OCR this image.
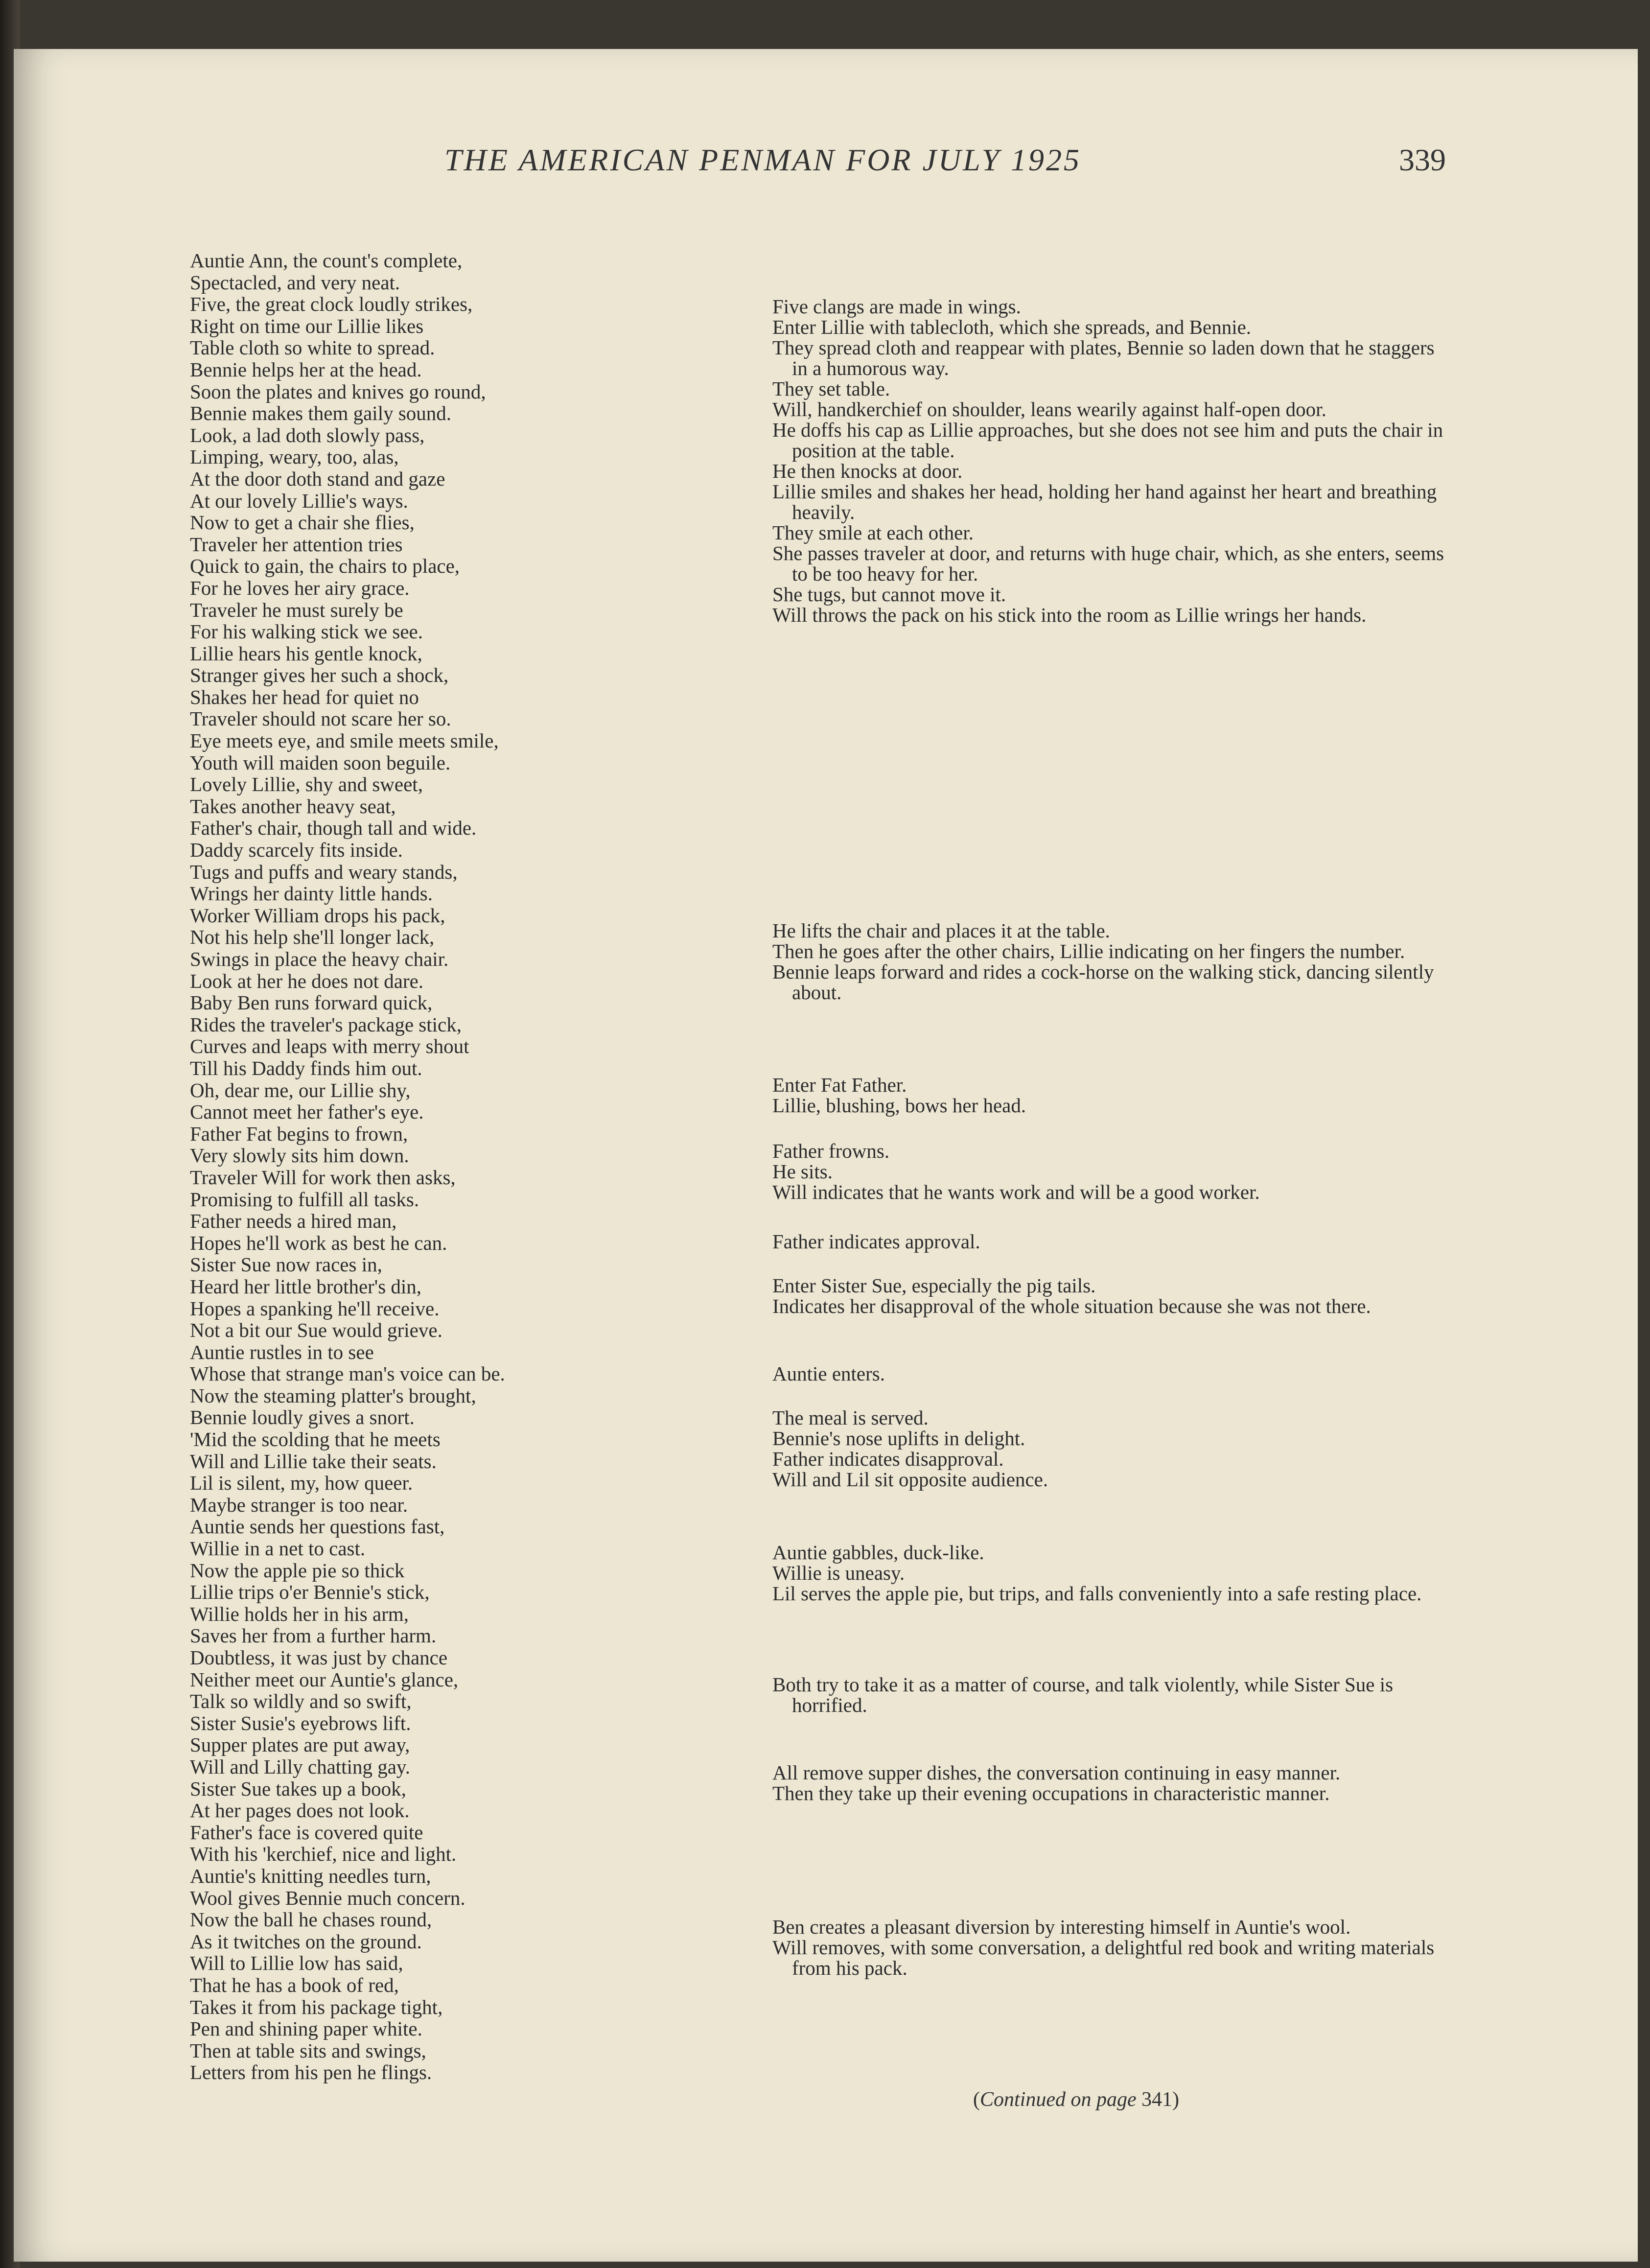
THE AMERICAN PENMAN FOR JULY 1925	339
Auntie Ann, the count's complete,
Spectacled, and very neat.
Five, the great clock loudly strikes,
Right on time our Lillie likes
Table cloth so white to spread.
Bennie helps her at the head.
Soon the plates and knives go round,
Bennie makes them gaily sound.
Look, a lad doth slowly pass,
Limping, weary, too, alas,
At the door doth stand and gaze
At our lovely Lillie's ways.
Now to get a chair she flies,
Traveler her attention tries
Quick to gain, the chairs to place,
For he loves her airy grace.
Traveler he must surely be
For his walking stick we see.
Lillie hears his gentle knock,
Stranger gives her such a shock,
Shakes her head for quiet no
Traveler should not scare her so.
Eye meets eye, and smile meets smile,
Youth will maiden soon beguile.
Lovely Lillie, shy and sweet,
Takes another heavy seat,
Father's chair, though tall and wide.
Daddy scarcely fits inside.
Tugs and puffs and weary stands,
Wrings her dainty little hands.
Worker William drops his pack,
Not his help she'll longer lack,
Swings in place the heavy chair.
Look at her he does not dare.
Baby Ben runs forward quick,
Rides the traveler's package stick,
Curves and leaps with merry shout
Till his Daddy finds him out.
Oh, dear me, our Lillie shy,
Cannot meet her father's eye.
Father Fat begins to frown,
Very slowly sits him down.
Traveler Will for work then asks,
Promising to fulfill all tasks.
Father needs a hired man,
Hopes he'll work as best he can.
Sister Sue now races in,
Heard her little brother's din,
Hopes a spanking he'll receive.
Not a bit our Sue would grieve.
Auntie rustles in to see
Whose that strange man's voice can be.
Now the steaming platter's brought,
Bennie loudly gives a snort.
'Mid the scolding that he meets
Will and Lillie take their seats.
Lil is silent, my, how queer.
Maybe stranger is too near.
Auntie sends her questions fast,
Willie in a net to cast.
Now the apple pie so thick
Lillie trips o'er Bennie's stick,
Willie holds her in his arm,
Saves her from a further harm.
Doubtless, it was just by chance
Neither meet our Auntie's glance,
Talk so wildly and so swift,
Sister Susie's eyebrows lift.
Supper plates are put away,
Will and Lilly chatting gay.
Sister Sue takes up a book,
At her pages does not look.
Father's face is covered quite
With his 'kerchief, nice and light.
Auntie's knitting needles turn,
Wool gives Bennie much concern.
Now the ball he chases round,
As it twitches on the ground.
Will to Lillie low has said,
That he has a book of red,
Takes it from his package tight,
Pen and shining paper white.
Then at table sits and swings,
Letters from his pen he flings.
Five clangs are made in wings.
Enter Lillie with tablecloth, which she spreads, and Bennie.
They spread cloth and reappear with plates, Bennie so laden down that he staggers in a humorous way.
They set table.
Will, handkerchief on shoulder, leans wearily against half-open door.
He doffs his cap as Lillie approaches, but she does not see him and puts the chair in position at the table.
He then knocks at door.
Lillie smiles and shakes her head, holding her hand against her heart and breathing heavily.
They smile at each other.
She passes traveler at door, and returns with huge chair, which, as she enters, seems to be too heavy for her.
She tugs, but cannot move it.
Will throws the pack on his stick into the room as Lillie wrings her hands.
He lifts the chair and places it at the table.
Then he goes after the other chairs, Lillie indicating on her fingers the number.
Bennie leaps forward and rides a cock-horse on the walking stick, dancing silently about.
Enter Fat Father.
Lillie, blushing, bows her head.
Father frowns.
He sits.
Will indicates that he wants work and will be a good worker.
Father indicates approval.
Enter Sister Sue, especially the pig tails.
Indicates her disapproval of the whole situation because she was not there.
Auntie enters.
The meal is served.
Bennie's nose uplifts in delight.
Father indicates disapproval.
Will and Lil sit opposite audience.
Auntie gabbles, duck-like.
Willie is uneasy.
Lil serves the apple pie, but trips, and falls conveniently into a safe resting place.
Both try to take it as a matter of course, and talk violently, while Sister Sue is horrified.
All remove supper dishes, the conversation continuing in easy manner.
Then they take up their evening occupations in characteristic manner.
Ben creates a pleasant diversion by interesting himself in Auntie's wool.
Will removes, with some conversation, a delightful red book and writing materials from his pack.
(Continued on page 341)
